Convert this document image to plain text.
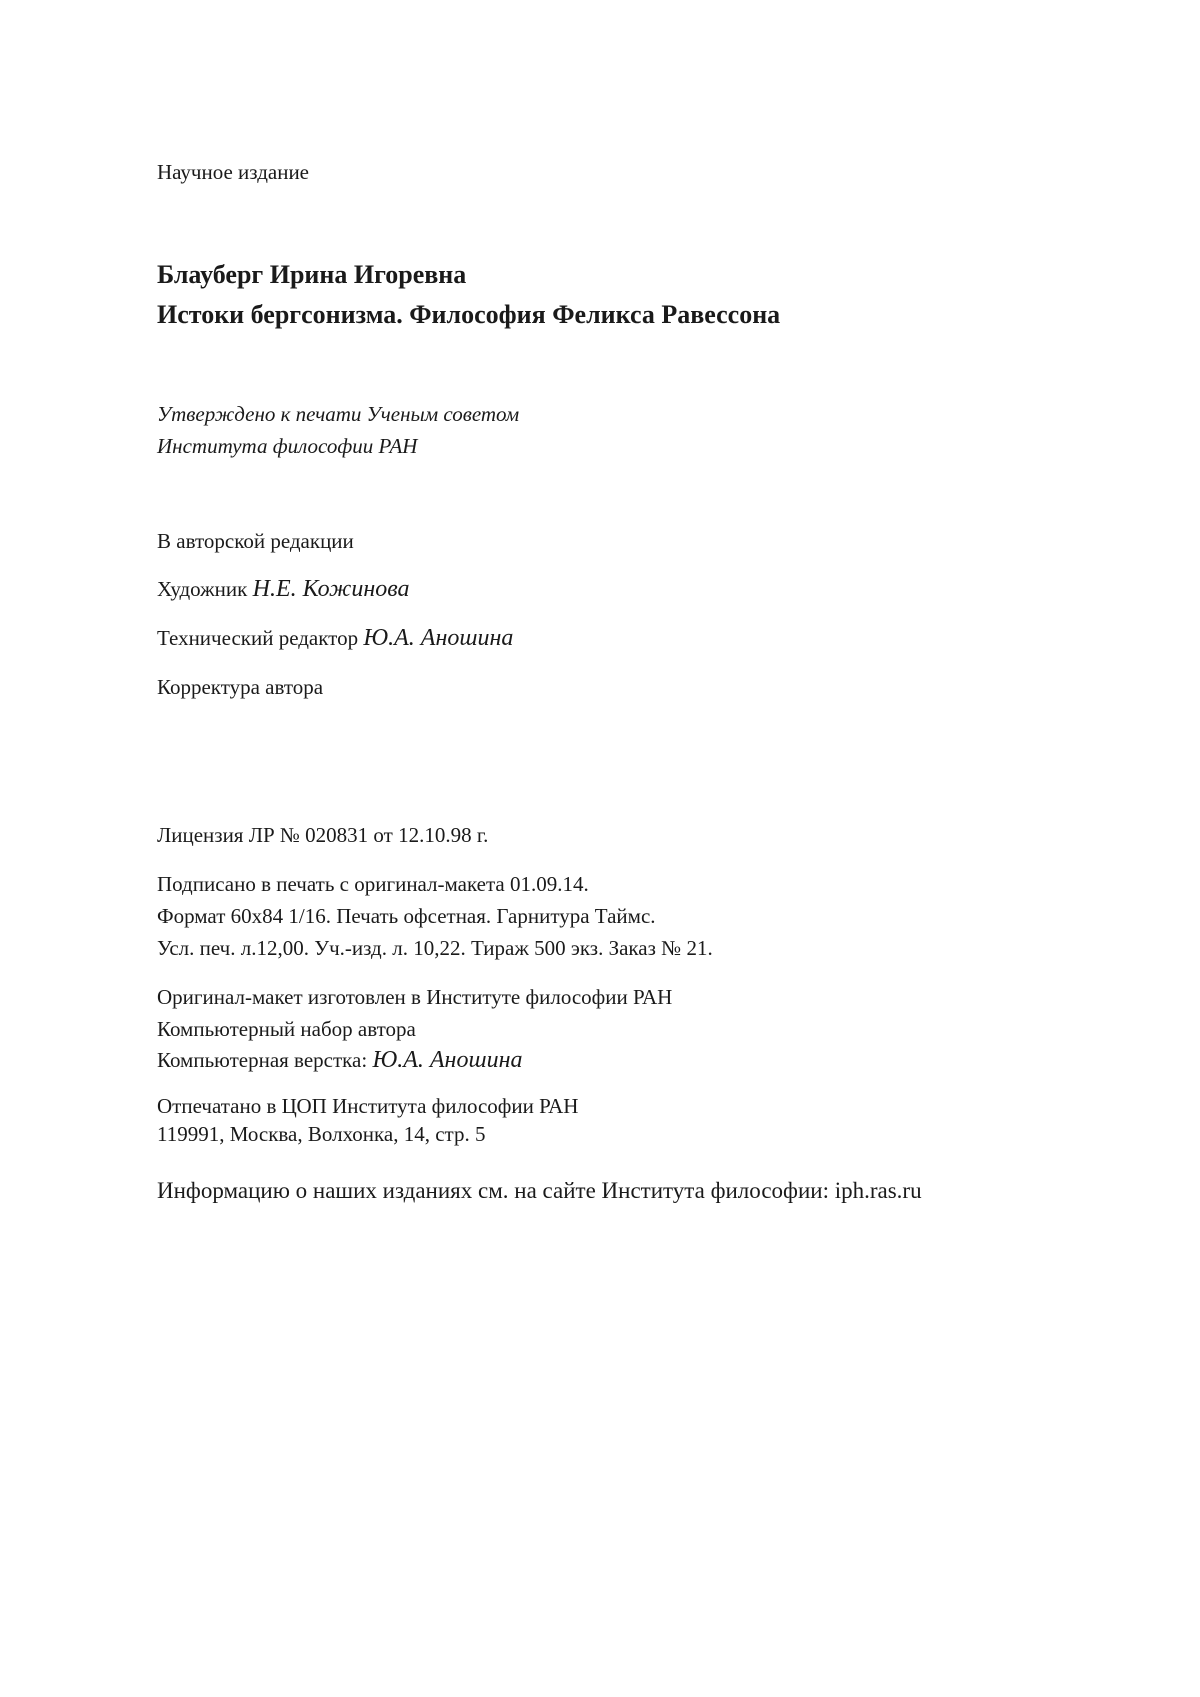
Научное издание
Блауберг Ирина Игоревна
Истоки бергсонизма. Философия Феликса Равессона
Утверждено к печати Ученым советом
Института философии РАН
В авторской редакции
Художник Н.Е. Кожинова
Технический редактор Ю.А. Аношина
Корректура автора
Лицензия ЛР № 020831 от 12.10.98 г.
Подписано в печать с оригинал-макета 01.09.14.
Формат 60x84 1/16. Печать офсетная. Гарнитура Таймс.
Усл. печ. л.12,00. Уч.-изд. л. 10,22. Тираж 500 экз. Заказ № 21.
Оригинал-макет изготовлен в Институте философии РАН
Компьютерный набор автора
Компьютерная верстка: Ю.А. Аношина
Отпечатано в ЦОП Института философии РАН
119991, Москва, Волхонка, 14, стр. 5
Информацию о наших изданиях см. на сайте Института философии: iph.ras.ru
